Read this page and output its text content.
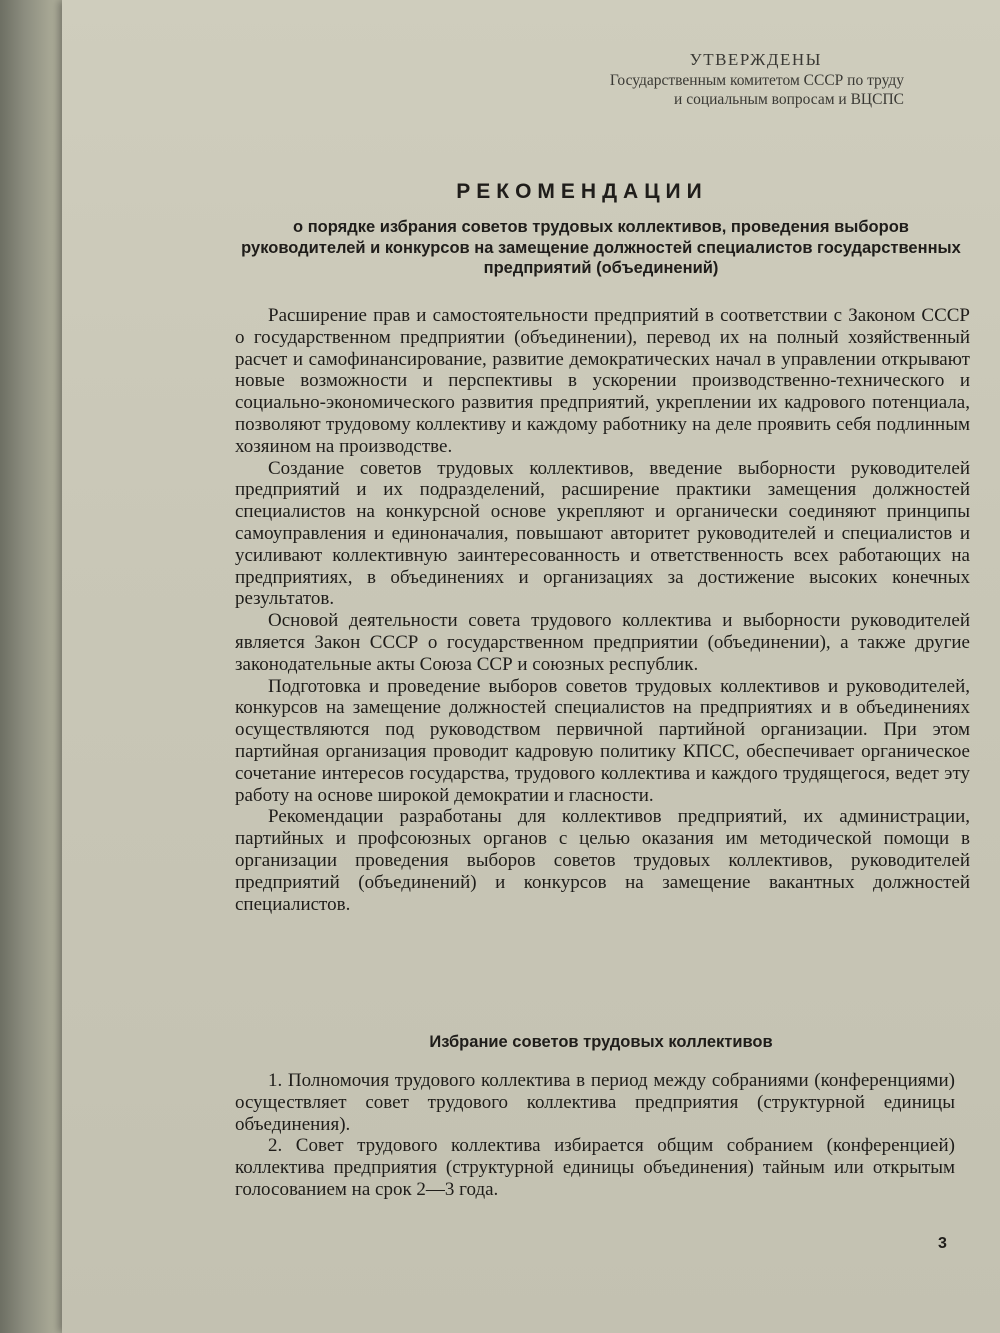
УТВЕРЖДЕНЫ
Государственным комитетом СССР по труду
и социальным вопросам и ВЦСПС
РЕКОМЕНДАЦИИ
о порядке избрания советов трудовых коллективов, проведения выборов руководителей и конкурсов на замещение должностей специалистов государственных предприятий (объединений)

Расширение прав и самостоятельности предприятий в соответствии с Законом СССР о государственном предприятии (объединении), перевод их на полный хозяйственный расчет и самофинансирование, развитие демократических начал в управлении открывают новые возможности и перспективы в ускорении производственно-технического и социально-экономического развития предприятий, укреплении их кадрового потенциала, позволяют трудовому коллективу и каждому работнику на деле проявить себя подлинным хозяином на производстве.

Создание советов трудовых коллективов, введение выборности руководителей предприятий и их подразделений, расширение практики замещения должностей специалистов на конкурсной основе укрепляют и органически соединяют принципы самоуправления и единоначалия, повышают авторитет руководителей и специалистов и усиливают коллективную заинтересованность и ответственность всех работающих на предприятиях, в объединениях и организациях за достижение высоких конечных результатов.

Основой деятельности совета трудового коллектива и выборности руководителей является Закон СССР о государственном предприятии (объединении), а также другие законодательные акты Союза ССР и союзных республик.

Подготовка и проведение выборов советов трудовых коллективов и руководителей, конкурсов на замещение должностей специалистов на предприятиях и в объединениях осуществляются под руководством первичной партийной организации. При этом партийная организация проводит кадровую политику КПСС, обеспечивает органическое сочетание интересов государства, трудового коллектива и каждого трудящегося, ведет эту работу на основе широкой демократии и гласности.

Рекомендации разработаны для коллективов предприятий, их администрации, партийных и профсоюзных органов с целью оказания им методической помощи в организации проведения выборов советов трудовых коллективов, руководителей предприятий (объединений) и конкурсов на замещение вакантных должностей специалистов.

Избрание советов трудовых коллективов

1. Полномочия трудового коллектива в период между собраниями (конференциями) осуществляет совет трудового коллектива предприятия (структурной единицы объединения).

2. Совет трудового коллектива избирается общим собранием (конференцией) коллектива предприятия (структурной единицы объединения) тайным или открытым голосованием на срок 2—3 года.

3
